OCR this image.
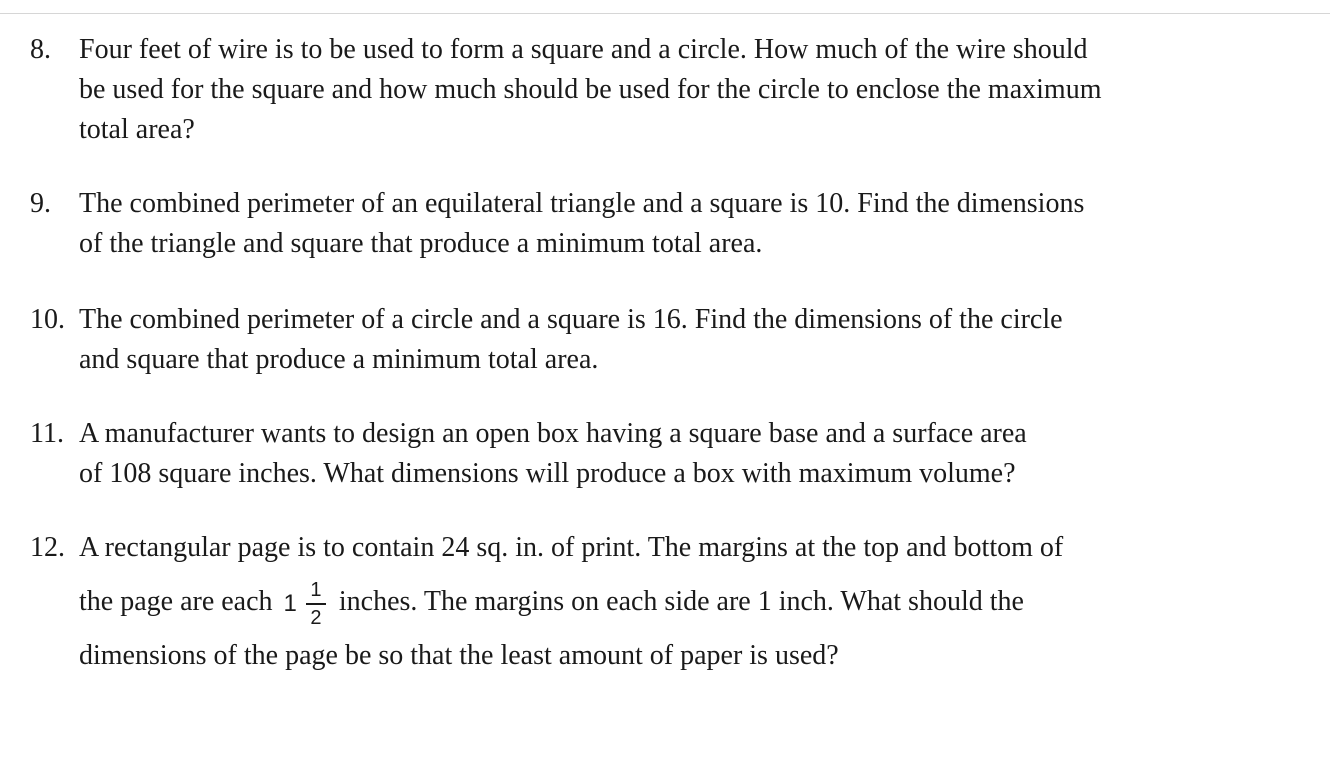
8.	Four feet of wire is to be used to form a square and a circle. How much of the wire should
be used for the square and how much should be used for the circle to enclose the maximum
total area?
9.	The combined perimeter of an equilateral triangle and a square is 10. Find the dimensions
of the triangle and square that produce a minimum total area.
10. The combined perimeter of a circle and a square is 16. Find the dimensions of the circle
and square that produce a minimum total area.
11. A manufacturer wants to design an open box having a square base and a surface area
of 108 square inches. What dimensions will produce a box with maximum volume?
12. A rectangular page is to contain 24 sq. in. of print. The margins at the top and bottom of
the page are each $1 \frac{1}{2}$ inches. The margins on each side are 1 inch. What should the
dimensions of the page be so that the least amount of paper is used?
